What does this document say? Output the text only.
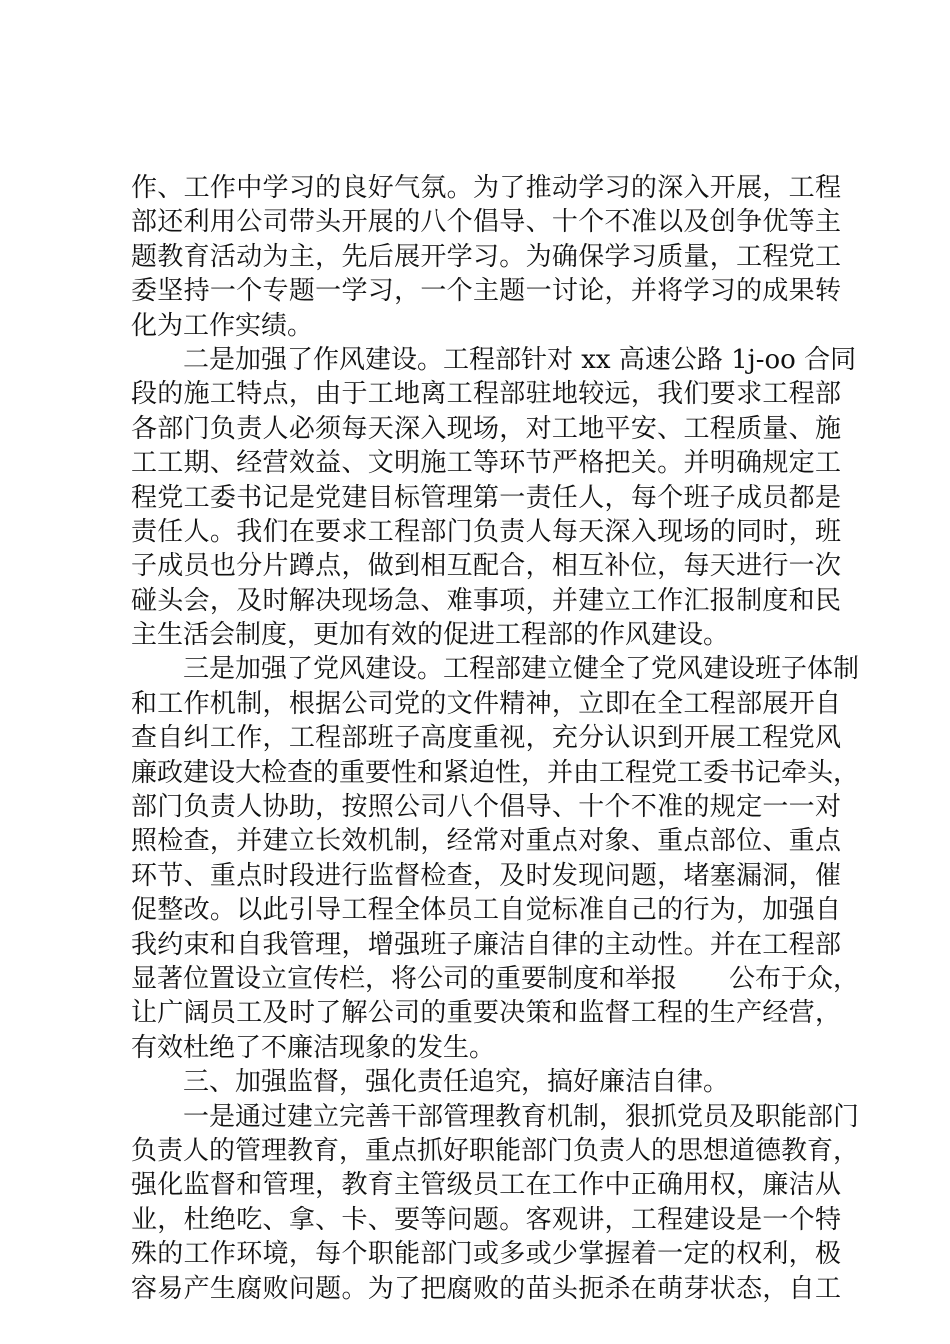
作、工作中学习的良好气氛。为了推动学习的深入开展，工程
部还利用公司带头开展的八个倡导、十个不准以及创争优等主
题教育活动为主，先后展开学习。为确保学习质量，工程党工
委坚持一个专题一学习，一个主题一讨论，并将学习的成果转
化为工作实绩。
二是加强了作风建设。工程部针对 xx 高速公路 1j-oo 合同
段的施工特点，由于工地离工程部驻地较远，我们要求工程部
各部门负责人必须每天深入现场，对工地平安、工程质量、施
工工期、经营效益、文明施工等环节严格把关。并明确规定工
程党工委书记是党建目标管理第一责任人，每个班子成员都是
责任人。我们在要求工程部门负责人每天深入现场的同时，班
子成员也分片蹲点，做到相互配合，相互补位，每天进行一次
碰头会，及时解决现场急、难事项，并建立工作汇报制度和民
主生活会制度，更加有效的促进工程部的作风建设。
三是加强了党风建设。工程部建立健全了党风建设班子体制
和工作机制，根据公司党的文件精神，立即在全工程部展开自
查自纠工作，工程部班子高度重视，充分认识到开展工程党风
廉政建设大检查的重要性和紧迫性，并由工程党工委书记牵头，
部门负责人协助，按照公司八个倡导、十个不准的规定一一对
照检查，并建立长效机制，经常对重点对象、重点部位、重点
环节、重点时段进行监督检查，及时发现问题，堵塞漏洞，催
促整改。以此引导工程全体员工自觉标准自己的行为，加强自
我约束和自我管理，增强班子廉洁自律的主动性。并在工程部
显著位置设立宣传栏，将公司的重要制度和举报　　公布于众，
让广阔员工及时了解公司的重要决策和监督工程的生产经营，
有效杜绝了不廉洁现象的发生。
三、加强监督，强化责任追究，搞好廉洁自律。
一是通过建立完善干部管理教育机制，狠抓党员及职能部门
负责人的管理教育，重点抓好职能部门负责人的思想道德教育，
强化监督和管理，教育主管级员工在工作中正确用权，廉洁从
业，杜绝吃、拿、卡、要等问题。客观讲，工程建设是一个特
殊的工作环境，每个职能部门或多或少掌握着一定的权利，极
容易产生腐败问题。为了把腐败的苗头扼杀在萌芽状态，自工
